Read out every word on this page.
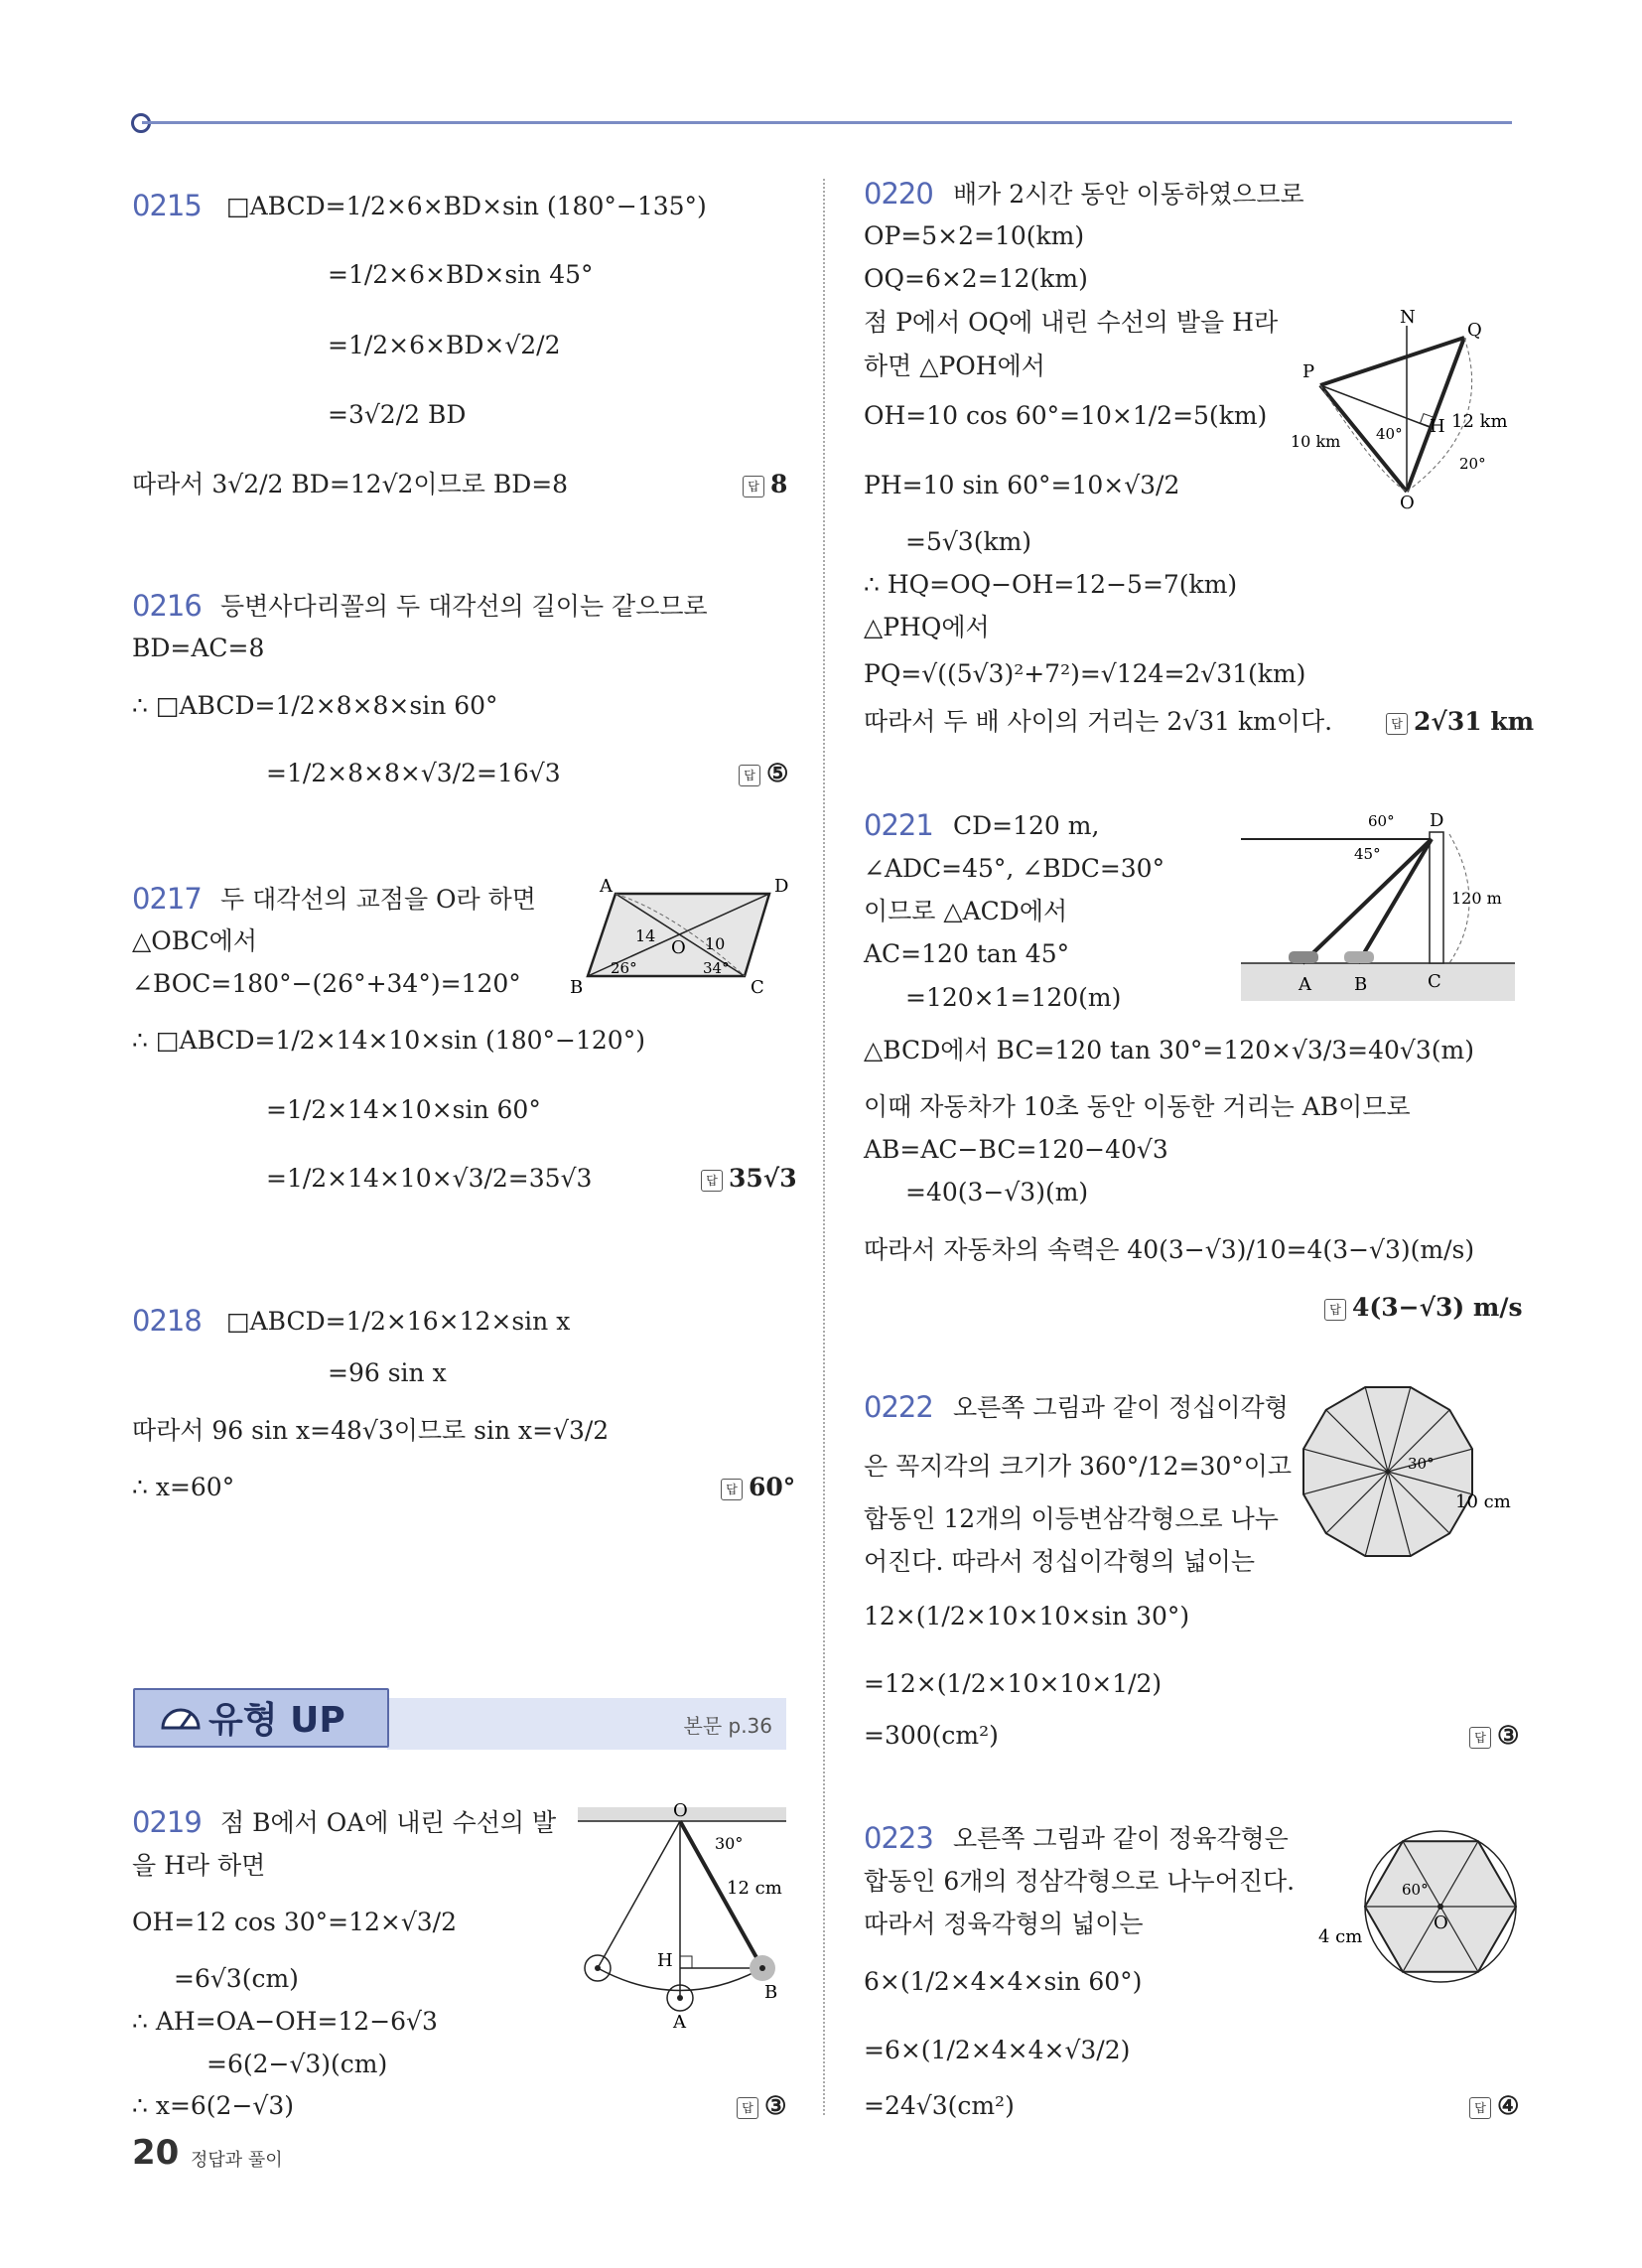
0215 □ABCD=1/2×6×BD×sin (180°−135°)
=1/2×6×BD×sin 45°
=1/2×6×BD×√2/2
=3√2/2 BD
따라서 3√2/2 BD=12√2이므로 BD=8	답 8
0216 등변사다리꼴의 두 대각선의 길이는 같으므로
BD=AC=8
∴ □ABCD=1/2×8×8×sin 60°
=1/2×8×8×√3/2=16√3	답 ⑤
0217 두 대각선의 교점을 O라 하면
△OBC에서
∠BOC=180°−(26°+34°)=120°
∴ □ABCD=1/2×14×10×sin (180°−120°)
=1/2×14×10×sin 60°
=1/2×14×10×√3/2=35√3	답 35√3
A	D
B	C
O
14	10
26°	34°
0218 □ABCD=1/2×16×12×sin x
=96 sin x
따라서 96 sin x=48√3이므로 sin x=√3/2
∴ x=60°	답 60°
유형 UP	본문 p.36
0219 점 B에서 OA에 내린 수선의 발
을 H라 하면
OH=12 cos 30°=12×√3/2
=6√3(cm)
∴ AH=OA−OH=12−6√3
=6(2−√3)(cm)
∴ x=6(2−√3)	답 ③
O
A
B
H
30°
12 cm
0220 배가 2시간 동안 이동하였으므로
OP=5×2=10(km)
OQ=6×2=12(km)
점 P에서 OQ에 내린 수선의 발을 H라
하면 △POH에서
OH=10 cos 60°=10×1/2=5(km)
PH=10 sin 60°=10×√3/2
=5√3(km)
∴ HQ=OQ−OH=12−5=7(km)
△PHQ에서
PQ=√((5√3)²+7²)=√124=2√31(km)
따라서 두 배 사이의 거리는 2√31 km이다.	답 2√31 km
N
P
Q
H
O
10 km
12 km
40°
20°
0221 CD=120 m,
∠ADC=45°, ∠BDC=30°
이므로 △ACD에서
AC=120 tan 45°
=120×1=120(m)
△BCD에서 BC=120 tan 30°=120×√3/3=40√3(m)
이때 자동차가 10초 동안 이동한 거리는 AB이므로
AB=AC−BC=120−40√3
=40(3−√3)(m)
따라서 자동차의 속력은 40(3−√3)/10=4(3−√3)(m/s)
답 4(3−√3) m/s
A B	C
D
60°
45°
120 m
0222 오른쪽 그림과 같이 정십이각형
은 꼭지각의 크기가 360°/12=30°이고
합동인 12개의 이등변삼각형으로 나누
어진다. 따라서 정십이각형의 넓이는
12×(1/2×10×10×sin 30°)
=12×(1/2×10×10×1/2)
=300(cm²)	답 ③
30°
10 cm
0223 오른쪽 그림과 같이 정육각형은
합동인 6개의 정삼각형으로 나누어진다.
따라서 정육각형의 넓이는
6×(1/2×4×4×sin 60°)
=6×(1/2×4×4×√3/2)
=24√3(cm²)	답 ④
60°
O
4 cm
20 정답과 풀이
